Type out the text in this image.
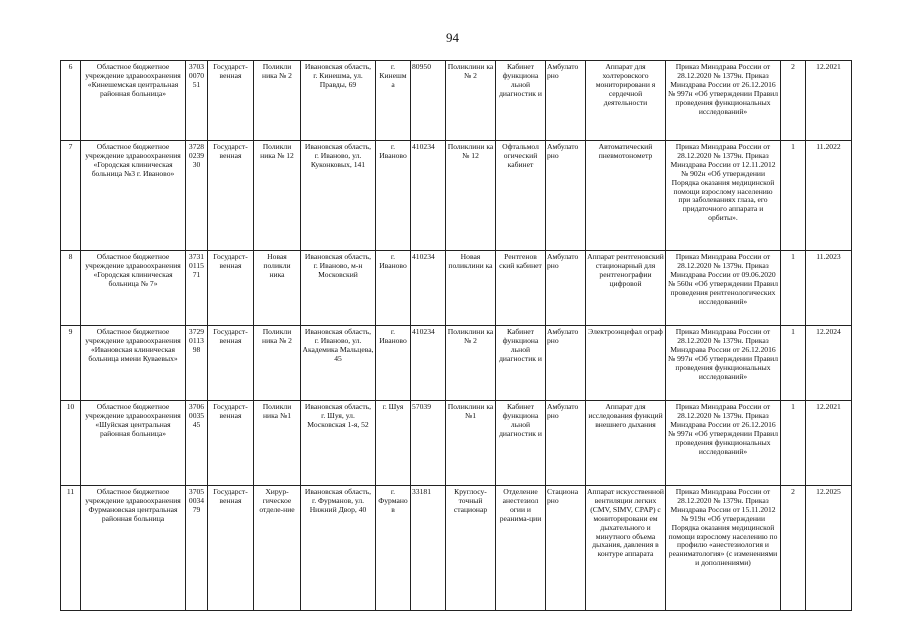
94
6	Областное бюджетное учреждение здравоохранения «Кинешемская центральная районная больница»	3703 0070 51	Государст-венная	Поликли ника № 2	Ивановская область, г. Кинешма, ул. Правды, 69	г. Кинешм а	80950	Поликлини ка № 2	Кабинет функциона льной диагностик и	Амбулато рно	Аппарат для холтеровского мониторировани я сердечной деятельности	Приказ Минздрава России от 28.12.2020 № 1379н. Приказ Минздрава России от 26.12.2016 № 997н «Об утверждении Правил проведения функциональных исследований»	2	12.2021
7	Областное бюджетное учреждение здравоохранения «Городская клиническая больница №3 г. Иваново»	3728 0239 30	Государст-венная	Поликли ника № 12	Ивановская область, г. Иваново, ул. Куконковых, 141	г. Иваново	410234	Поликлини ка № 12	Офтальмол огический кабинет	Амбулато рно	Автоматический пневмотонометр	Приказ Минздрава России от 28.12.2020 № 1379н. Приказ Минздрава России от 12.11.2012 № 902н «Об утверждении Порядка оказания медицинской помощи взрослому населению при заболеваниях глаза, его придаточного аппарата и орбиты».	1	11.2022
8	Областное бюджетное учреждение здравоохранения «Городская клиническая больница № 7»	3731 0115 71	Государст-венная	Новая поликли ника	Ивановская область, г. Иваново, м-н Московский	г. Иваново	410234	Новая поликлини ка	Рентгенов ский кабинет	Амбулато рно	Аппарат рентгеновский стационарный для рентгенографии цифровой	Приказ Минздрава России от 28.12.2020 № 1379н. Приказ Минздрава России от 09.06.2020 № 560н «Об утверждении Правил проведения рентгенологических исследований»	1	11.2023
9	Областное бюджетное учреждение здравоохранения «Ивановская клиническая больница имени Куваевых»	3729 0113 98	Государст-венная	Поликли ника № 2	Ивановская область, г. Иваново, ул. Академика Мальцева, 45	г. Иваново	410234	Поликлини ка № 2	Кабинет функциона льной диагностик и	Амбулато рно	Электроэнцефал ограф	Приказ Минздрава России от 28.12.2020 № 1379н. Приказ Минздрава России от 26.12.2016 № 997н «Об утверждении Правил проведения функциональных исследований»	1	12.2024
10	Областное бюджетное учреждение здравоохранения «Шуйская центральная районная больница»	3706 0035 45	Государст-венная	Поликли ника №1	Ивановская область, г. Шуя, ул. Московская 1-я, 52	г. Шуя	57039	Поликлини ка №1	Кабинет функциона льной диагностик и	Амбулато рно	Аппарат для исследования функций внешнего дыхания	Приказ Минздрава России от 28.12.2020 № 1379н. Приказ Минздрава России от 26.12.2016 № 997н «Об утверждении Правил проведения функциональных исследований»	1	12.2021
11	Областное бюджетное учреждение здравоохранения Фурмановская центральная районная больница	3705 0034 79	Государст-венная	Хирур-гическое отделе-ние	Ивановская область, г. Фурманов, ул. Нижний Двор, 40	г. Фурмано в	33181	Круглосу-точный стационар	Отделение анестезиол огии и реанима-ции	Стациона рно	Аппарат искусственной вентиляции легких (CMV, SIMV, CPAP) с мониторировани ем дыхательного и минутного объема дыхания, давления в контуре аппарата	Приказ Минздрава России от 28.12.2020 № 1379н. Приказ Минздрава России от 15.11.2012 № 919н «Об утверждении Порядка оказания медицинской помощи взрослому населению по профилю «анестезиология и реаниматология» (с изменениями и дополнениями)	2	12.2025
